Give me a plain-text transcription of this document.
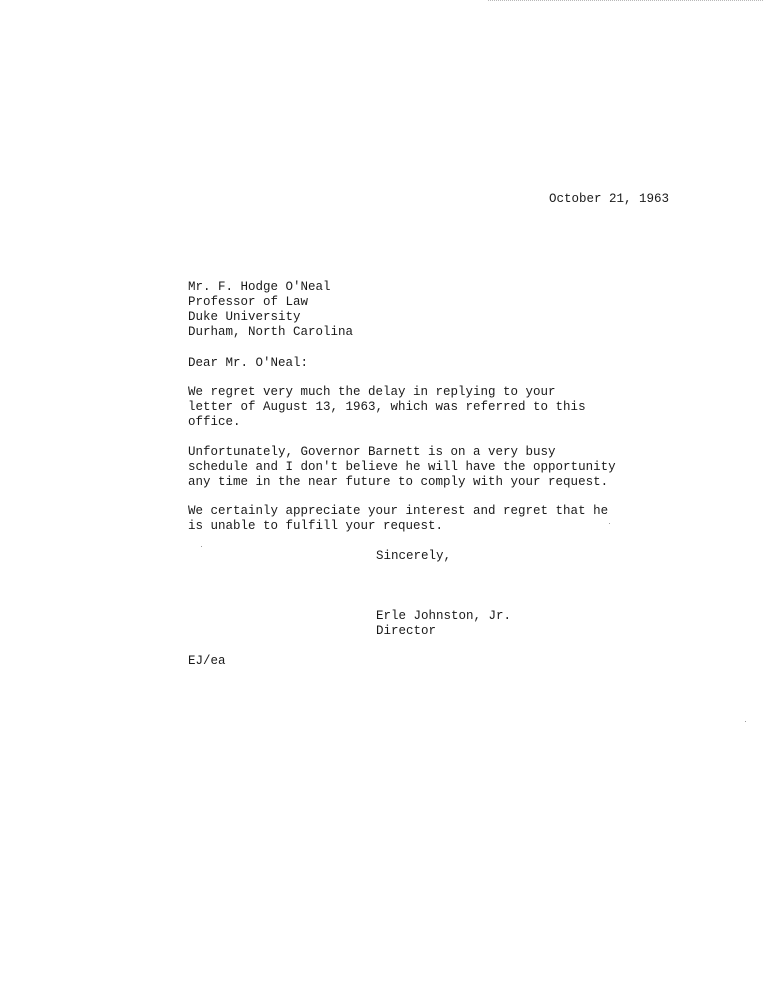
October 21, 1963
Mr. F. Hodge O'Neal
Professor of Law
Duke University
Durham, North Carolina
Dear Mr. O'Neal:
We regret very much the delay in replying to your
letter of August 13, 1963, which was referred to this
office.
Unfortunately, Governor Barnett is on a very busy
schedule and I don't believe he will have the opportunity
any time in the near future to comply with your request.
We certainly appreciate your interest and regret that he
is unable to fulfill your request.
Sincerely,
Erle Johnston, Jr.
Director
EJ/ea
